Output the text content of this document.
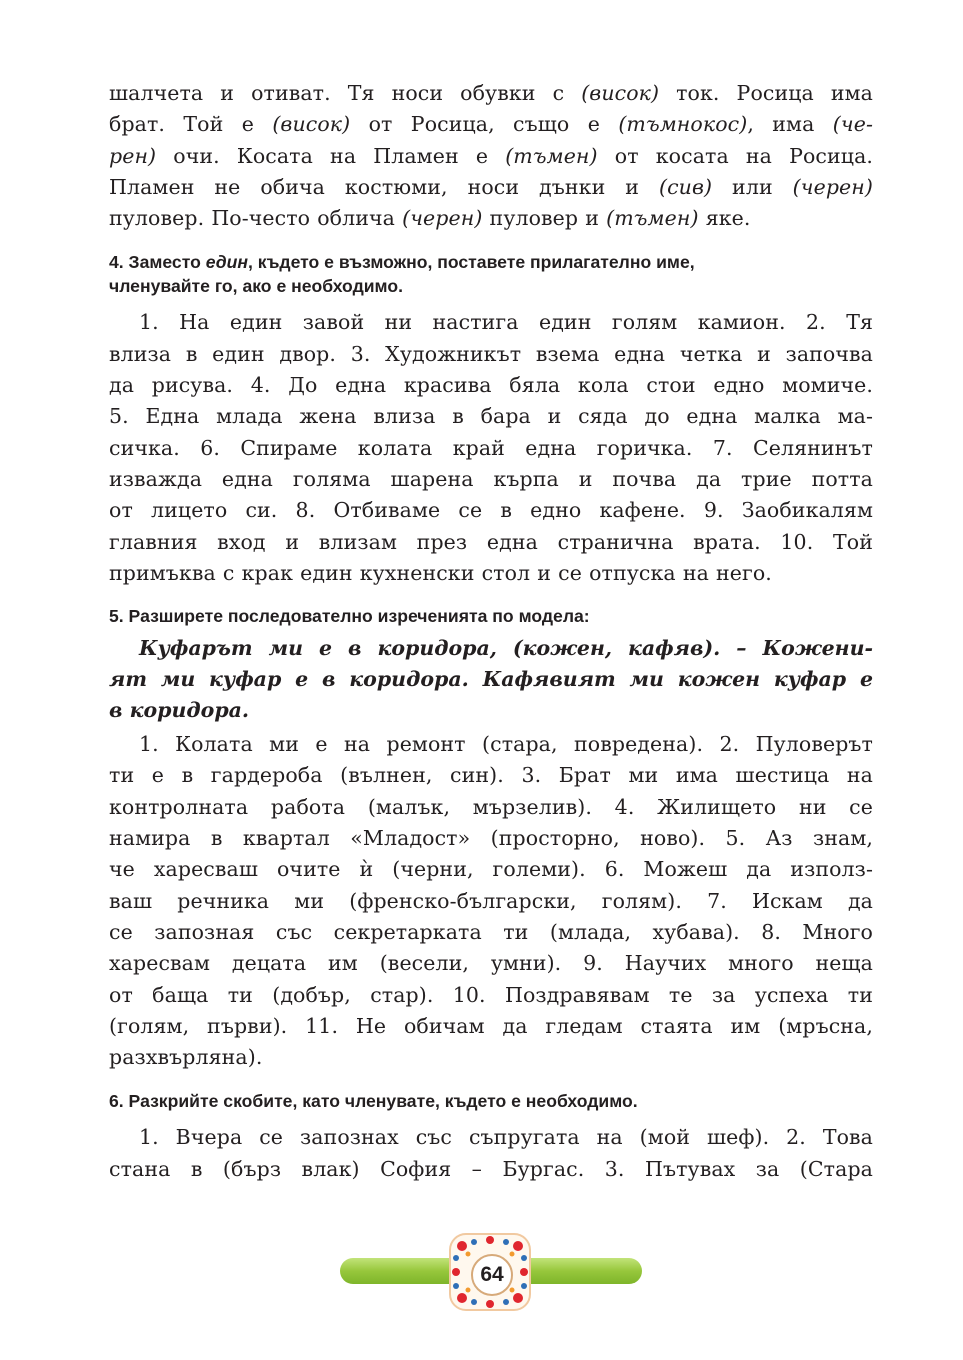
шалчета и отиват. Тя носи обувки с (висок) ток. Росица има
брат. Той е (висок) от Росица, също е (тъмнокос), има (че-
рен) очи. Косата на Пламен е (тъмен) от косата на Росица.
Пламен не обича костюми, носи дънки и (сив) или (черен)
пуловер. По-често облича (черен) пуловер и (тъмен) яке.

4. Заместо един, където е възможно, поставете прилагателно име,
членувайте го, ако е необходимо.

1. На един завой ни настига един голям камион. 2. Тя
влиза в един двор. 3. Художникът взема една четка и започва
да рисува. 4. До една красива бяла кола стои едно момиче.
5. Една млада жена влиза в бара и сяда до една малка ма-
сичка. 6. Спираме колата край една горичка. 7. Селянинът
изважда една голяма шарена кърпа и почва да трие потта
от лицето си. 8. Отбиваме се в едно кафене. 9. Заобикалям
главния вход и влизам през една странична врата. 10. Той
примъква с крак един кухненски стол и се отпуска на него.

5. Разширете последователно изреченията по модела:

Куфарът ми е в коридора, (кожен, кафяв). – Кожени-
ят ми куфар е в коридора. Кафявият ми кожен куфар е
в коридора.

1. Колата ми е на ремонт (стара, повредена). 2. Пуловерът
ти е в гардероба (вълнен, син). 3. Брат ми има шестица на
контролната работа (малък, мързелив). 4. Жилището ни се
намира в квартал «Младост» (просторно, ново). 5. Аз знам,
че харесваш очите ѝ (черни, големи). 6. Можеш да използ-
ваш речника ми (френско-български, голям). 7. Искам да
се запозная със секретарката ти (млада, хубава). 8. Много
харесвам децата им (весели, умни). 9. Научих много неща
от баща ти (добър, стар). 10. Поздравявам те за успеха ти
(голям, първи). 11. Не обичам да гледам стаята им (мръсна,
разхвърляна).

6. Разкрийте скобите, като членувате, където е необходимо.

1. Вчера се запознах със съпругата на (мой шеф). 2. Това
стана в (бърз влак) София – Бургас. 3. Пътувах за (Стара

64
